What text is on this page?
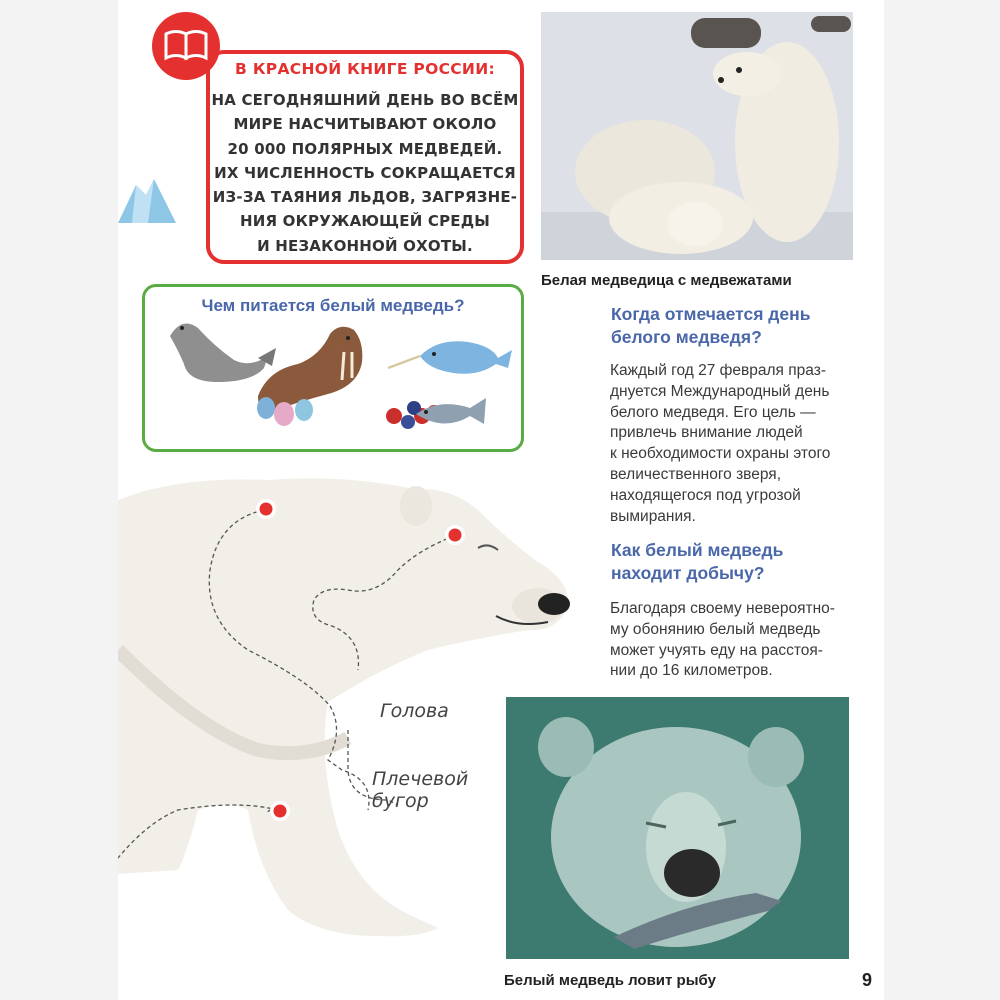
В КРАСНОЙ КНИГЕ РОССИИ:
НА СЕГОДНЯШНИЙ ДЕНЬ ВО ВСЁМ
МИРЕ НАСЧИТЫВАЮТ ОКОЛО
20 000 ПОЛЯРНЫХ МЕДВЕДЕЙ.
ИХ ЧИСЛЕННОСТЬ СОКРАЩАЕТСЯ
ИЗ-ЗА ТАЯНИЯ ЛЬДОВ, ЗАГРЯЗНЕ-
НИЯ ОКРУЖАЮЩЕЙ СРЕДЫ
И НЕЗАКОННОЙ ОХОТЫ.
Чем питается белый медведь?
Белая медведица с медвежатами
Когда отмечается день
белого медведя?
Каждый год 27 февраля праз-
днуется Международный день
белого медведя. Его цель —
привлечь внимание людей
к необходимости охраны этого
величественного зверя,
находящегося под угрозой
вымирания.
Как белый медведь
находит добычу?
Благодаря своему невероятно-
му обонянию белый медведь
может учуять еду на расстоя-
нии до 16 километров.
Голова
Плечевой
бугор
Белый медведь ловит рыбу	9
